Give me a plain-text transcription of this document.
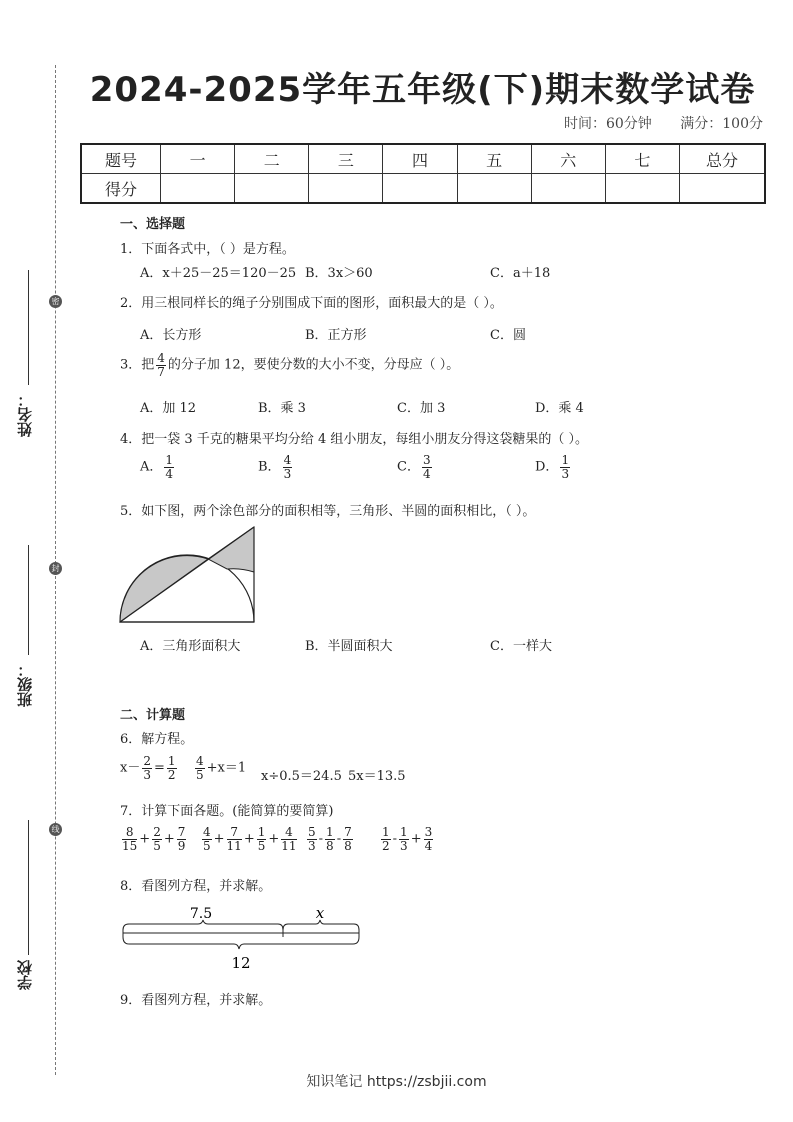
密
封
线
姓名：
班级：
学校
2024-2025学年五年级(下)期末数学试卷
时间：60分钟 满分：100分
题号	一	二	三	四	五	六	七	总分
得分								
一、选择题
1．下面各式中，（ ）是方程。
A．x＋25－25＝120－25 B．3x＞60	C．a＋18
2．用三根同样长的绳子分别围成下面的图形，面积最大的是（ ）。
A．长方形	B．正方形	C．圆
3．把 $\frac{4}{7}$ 的分子加 12，要使分数的大小不变，分母应（ ）。
A．加 12	B．乘 3	C．加 3	D．乘 4
4．把一袋 3 千克的糖果平均分给 4 组小朋友，每组小朋友分得这袋糖果的（ ）。
A． $\frac{1}{4}$	B． $\frac{4}{3}$	C． $\frac{3}{4}$	D． $\frac{1}{3}$
5．如下图，两个涂色部分的面积相等，三角形、半圆的面积相比，（ ）。
A．三角形面积大	B．半圆面积大	C．一样大
二、计算题
6．解方程。
$x- \frac{2}{3} = \frac{1}{2} \frac{4}{5} +x=1$
x÷0.5＝24.5 5x＝13.5
7．计算下面各题。(能简算的要简算)
$\frac{8}{15} + \frac{2}{5} + \frac{7}{9} \frac{4}{5} + \frac{7}{11} + \frac{1}{5} + \frac{4}{11} \frac{5}{3} - \frac{1}{8} - \frac{7}{8} \frac{1}{2} - \frac{1}{3} + \frac{3}{4}$
8．看图列方程，并求解。
7.5	x
12
9．看图列方程，并求解。
知识笔记 https://zsbjii.com
